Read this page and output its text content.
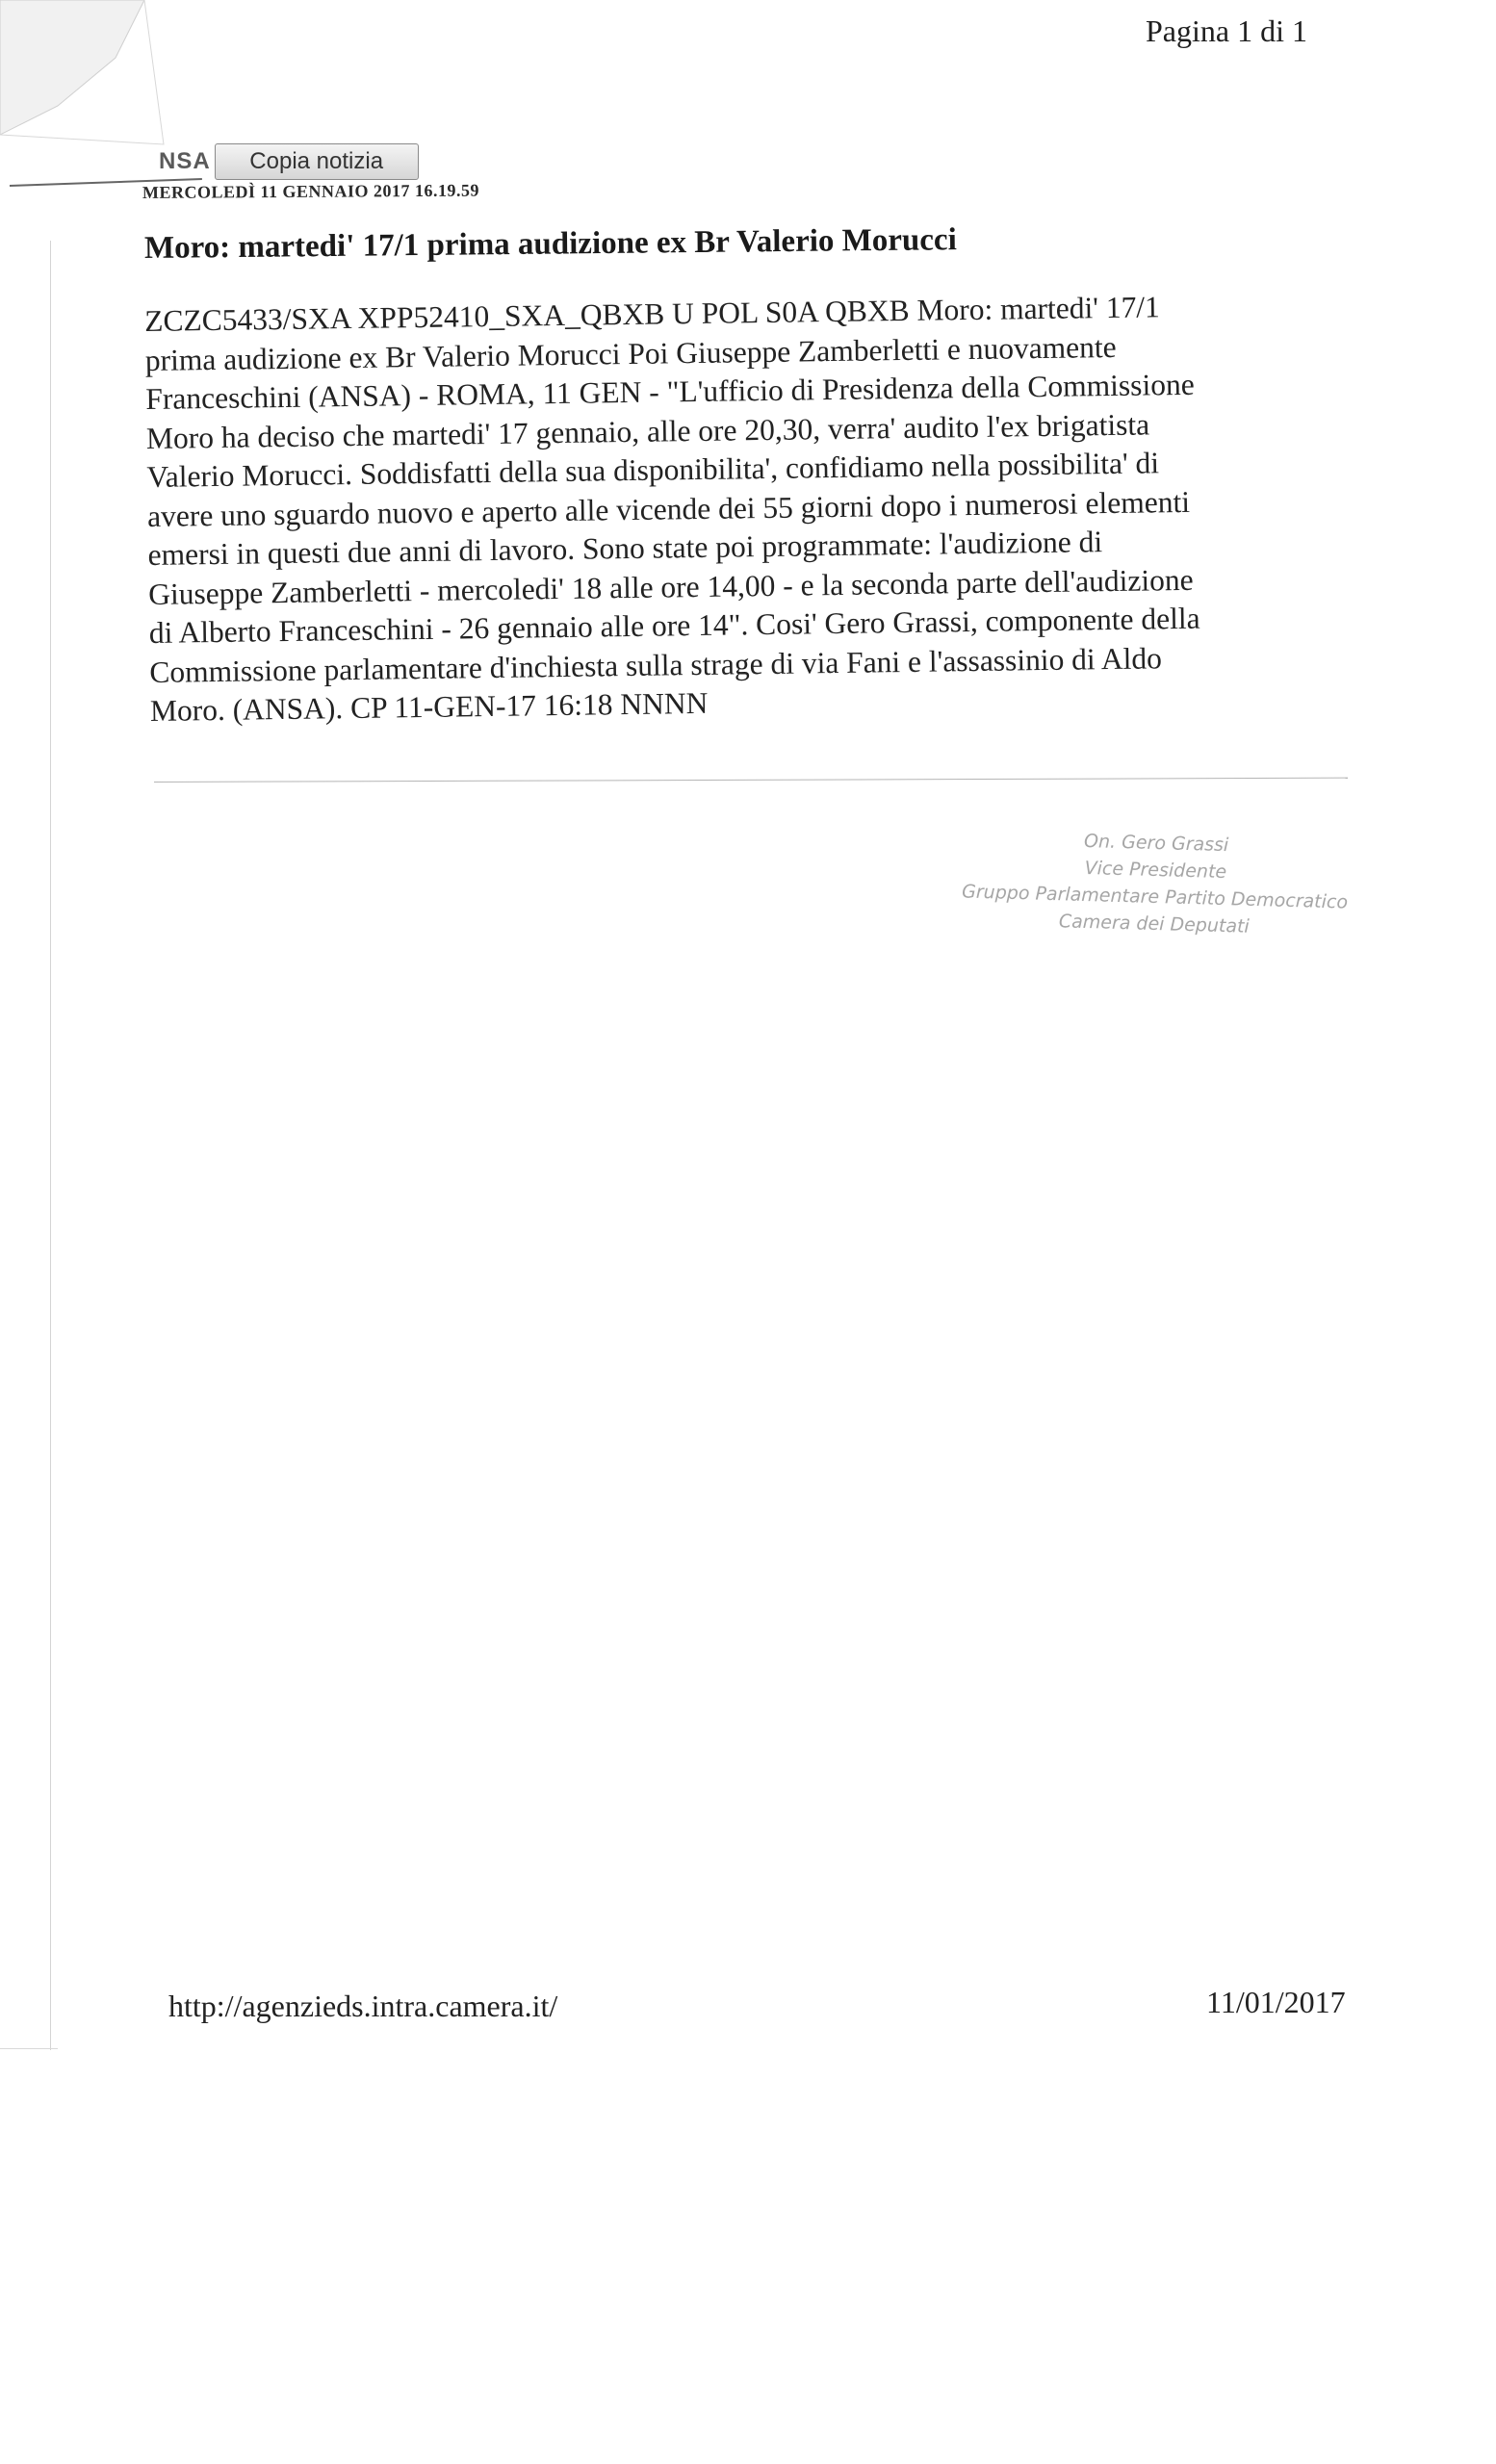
Pagina 1 di 1
NSA	Copia notizia
MERCOLEDÌ 11 GENNAIO 2017 16.19.59
Moro: martedi' 17/1 prima audizione ex Br Valerio Morucci

ZCZC5433/SXA XPP52410_SXA_QBXB U POL S0A QBXB Moro: martedi' 17/1

prima audizione ex Br Valerio Morucci Poi Giuseppe Zamberletti e nuovamente

Franceschini (ANSA) - ROMA, 11 GEN - "L'ufficio di Presidenza della Commissione

Moro ha deciso che martedi' 17 gennaio, alle ore 20,30, verra' audito l'ex brigatista

Valerio Morucci. Soddisfatti della sua disponibilita', confidiamo nella possibilita' di

avere uno sguardo nuovo e aperto alle vicende dei 55 giorni dopo i numerosi elementi

emersi in questi due anni di lavoro. Sono state poi programmate: l'audizione di

Giuseppe Zamberletti - mercoledi' 18 alle ore 14,00 - e la seconda parte dell'audizione

di Alberto Franceschini - 26 gennaio alle ore 14". Cosi' Gero Grassi, componente della

Commissione parlamentare d'inchiesta sulla strage di via Fani e l'assassinio di Aldo

Moro. (ANSA). CP 11-GEN-17 16:18 NNNN

On. Gero Grassi
Vice Presidente
Gruppo Parlamentare Partito Democratico
Camera dei Deputati
http://agenzieds.intra.camera.it/	11/01/2017
